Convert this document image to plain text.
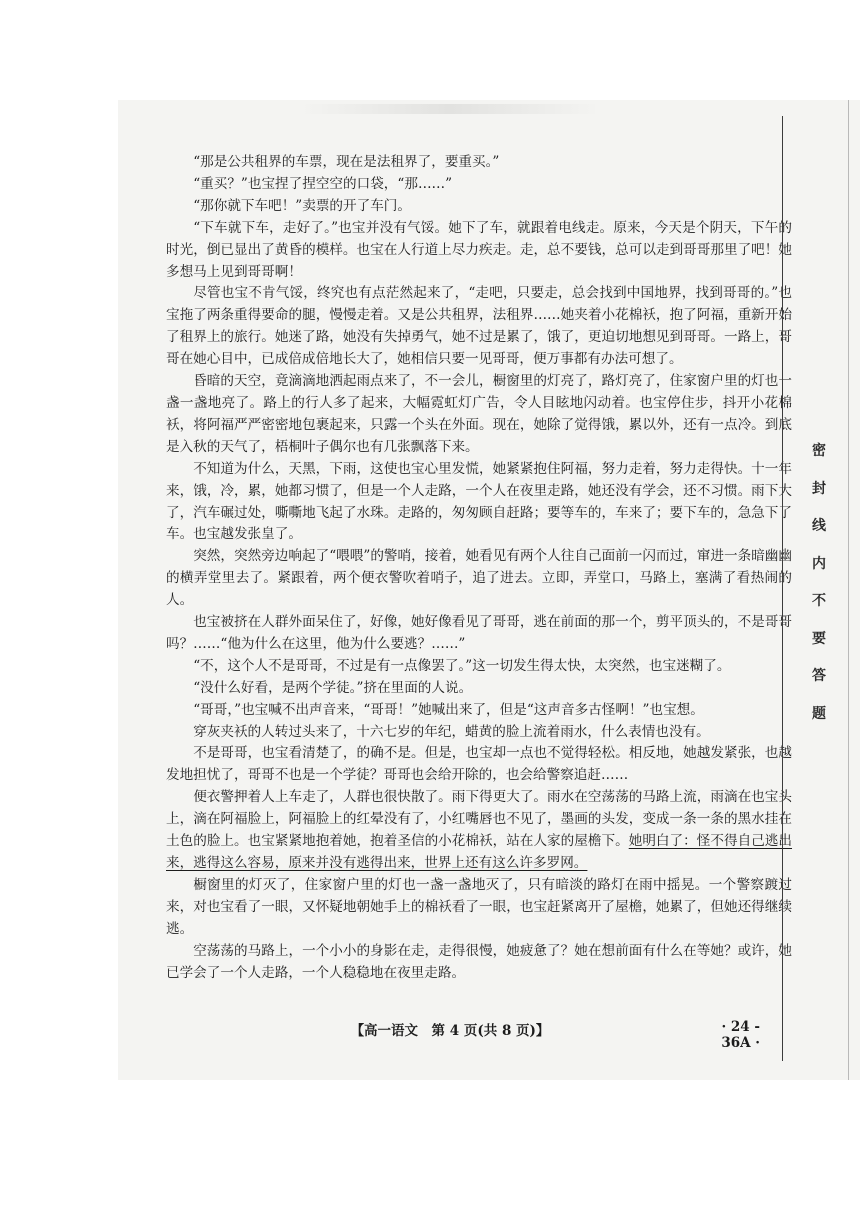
“那是公共租界的车票，现在是法租界了，要重买。”

“重买？”也宝捏了捏空空的口袋，“那……”

“那你就下车吧！”卖票的开了车门。

“下车就下车，走好了。”也宝并没有气馁。她下了车，就跟着电线走。原来，今天是个阴天，下午的时光，倒已显出了黄昏的模样。也宝在人行道上尽力疾走。走，总不要钱，总可以走到哥哥那里了吧！她多想马上见到哥哥啊！

尽管也宝不肯气馁，终究也有点茫然起来了，“走吧，只要走，总会找到中国地界，找到哥哥的。”也宝拖了两条重得要命的腿，慢慢走着。又是公共租界，法租界……她夹着小花棉袄，抱了阿福，重新开始了租界上的旅行。她迷了路，她没有失掉勇气，她不过是累了，饿了，更迫切地想见到哥哥。一路上，哥哥在她心目中，已成倍成倍地长大了，她相信只要一见哥哥，便万事都有办法可想了。

昏暗的天空，竟滴滴地洒起雨点来了，不一会儿，橱窗里的灯亮了，路灯亮了，住家窗户里的灯也一盏一盏地亮了。路上的行人多了起来，大幅霓虹灯广告，令人目眩地闪动着。也宝停住步，抖开小花棉袄，将阿福严严密密地包裹起来，只露一个头在外面。现在，她除了觉得饿，累以外，还有一点冷。到底是入秋的天气了，梧桐叶子偶尔也有几张飘落下来。

不知道为什么，天黑，下雨，这使也宝心里发慌，她紧紧抱住阿福，努力走着，努力走得快。十一年来，饿，冷，累，她都习惯了，但是一个人走路，一个人在夜里走路，她还没有学会，还不习惯。雨下大了，汽车碾过处，嘶嘶地飞起了水珠。走路的，匆匆顾自赶路；要等车的，车来了；要下车的，急急下了车。也宝越发张皇了。

突然，突然旁边响起了“喂喂”的警哨，接着，她看见有两个人往自己面前一闪而过，窜进一条暗幽幽的横弄堂里去了。紧跟着，两个便衣警吹着哨子，追了进去。立即，弄堂口，马路上，塞满了看热闹的人。

也宝被挤在人群外面呆住了，好像，她好像看见了哥哥，逃在前面的那一个，剪平顶头的，不是哥哥吗？……“他为什么在这里，他为什么要逃？……”

“不，这个人不是哥哥，不过是有一点像罢了。”这一切发生得太快，太突然，也宝迷糊了。

“没什么好看，是两个学徒。”挤在里面的人说。

“哥哥，”也宝喊不出声音来，“哥哥！”她喊出来了，但是“这声音多古怪啊！”也宝想。

穿灰夹袄的人转过头来了，十六七岁的年纪，蜡黄的脸上流着雨水，什么表情也没有。

不是哥哥，也宝看清楚了，的确不是。但是，也宝却一点也不觉得轻松。相反地，她越发紧张，也越发地担忧了，哥哥不也是一个学徒？哥哥也会给开除的，也会给警察追赶……

便衣警押着人上车走了，人群也很快散了。雨下得更大了。雨水在空荡荡的马路上流，雨滴在也宝头上，滴在阿福脸上，阿福脸上的红晕没有了，小红嘴唇也不见了，墨画的头发，变成一条一条的黑水挂在土色的脸上。也宝紧紧地抱着她，抱着圣信的小花棉袄，站在人家的屋檐下。她明白了：怪不得自己逃出来，逃得这么容易，原来并没有逃得出来，世界上还有这么许多罗网。

橱窗里的灯灭了，住家窗户里的灯也一盏一盏地灭了，只有暗淡的路灯在雨中摇晃。一个警察踱过来，对也宝看了一眼，又怀疑地朝她手上的棉袄看了一眼，也宝赶紧离开了屋檐，她累了，但她还得继续逃。

空荡荡的马路上，一个小小的身影在走，走得很慢，她疲惫了？她在想前面有什么在等她？或许，她已学会了一个人走路，一个人稳稳地在夜里走路。

密
封
线
内
不
要
答
题
【高一语文　第 4 页(共 8 页)】	· 24 - 36A ·
